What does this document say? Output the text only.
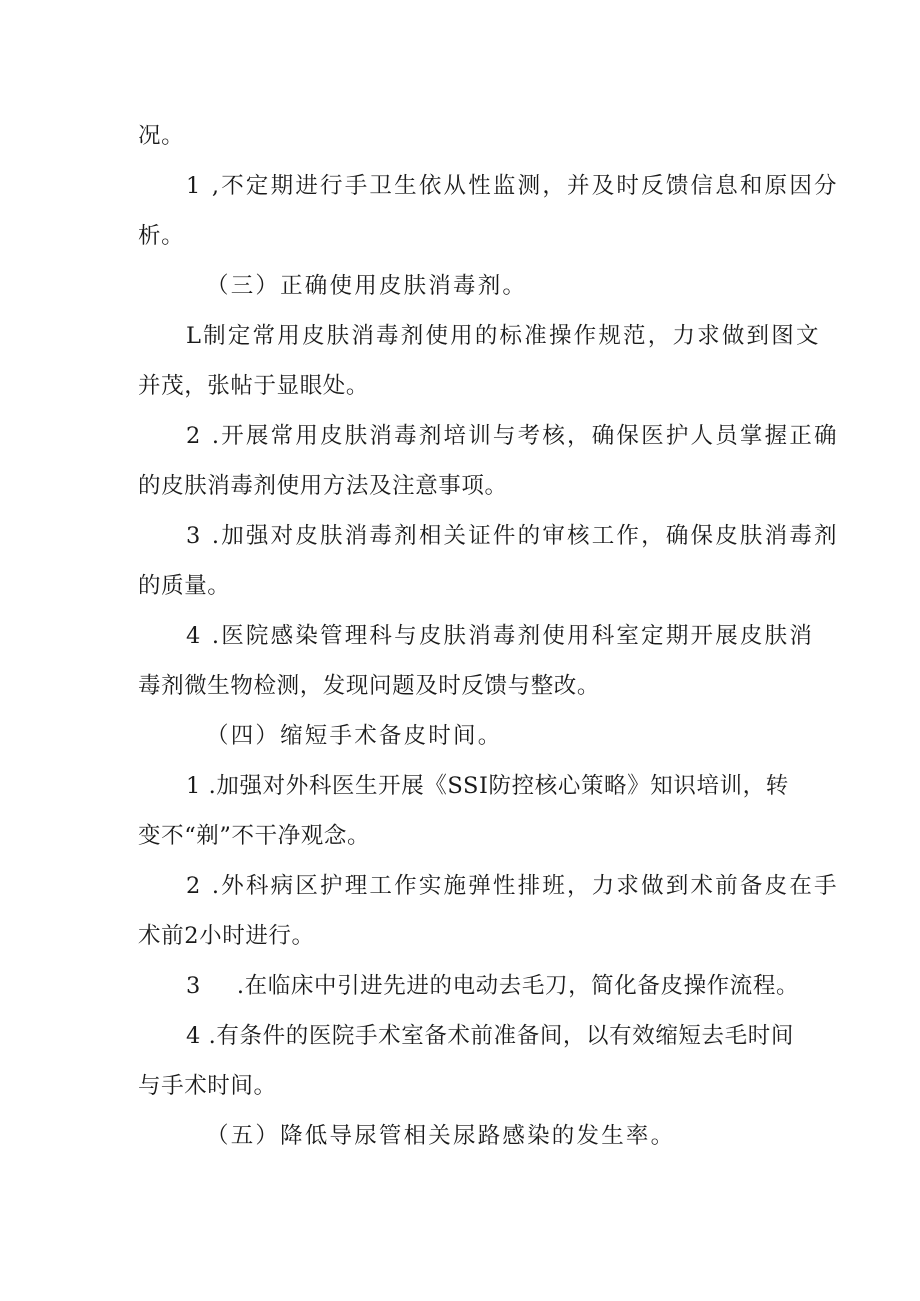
况。
1 ,不定期进行手卫生依从性监测，并及时反馈信息和原因分
析。
（三）正确使用皮肤消毒剂。
L制定常用皮肤消毒剂使用的标准操作规范，力求做到图文
并茂，张帖于显眼处。
2 .开展常用皮肤消毒剂培训与考核，确保医护人员掌握正确
的皮肤消毒剂使用方法及注意事项。
3 .加强对皮肤消毒剂相关证件的审核工作，确保皮肤消毒剂
的质量。
4 .医院感染管理科与皮肤消毒剂使用科室定期开展皮肤消
毒剂微生物检测，发现问题及时反馈与整改。
（四）缩短手术备皮时间。
1 .加强对外科医生开展《SSI防控核心策略》知识培训，转
变不“剃”不干净观念。
2 .外科病区护理工作实施弹性排班，力求做到术前备皮在手
术前2小时进行。
3 .在临床中引进先进的电动去毛刀，简化备皮操作流程。
4 .有条件的医院手术室备术前准备间，以有效缩短去毛时间
与手术时间。
（五）降低导尿管相关尿路感染的发生率。
